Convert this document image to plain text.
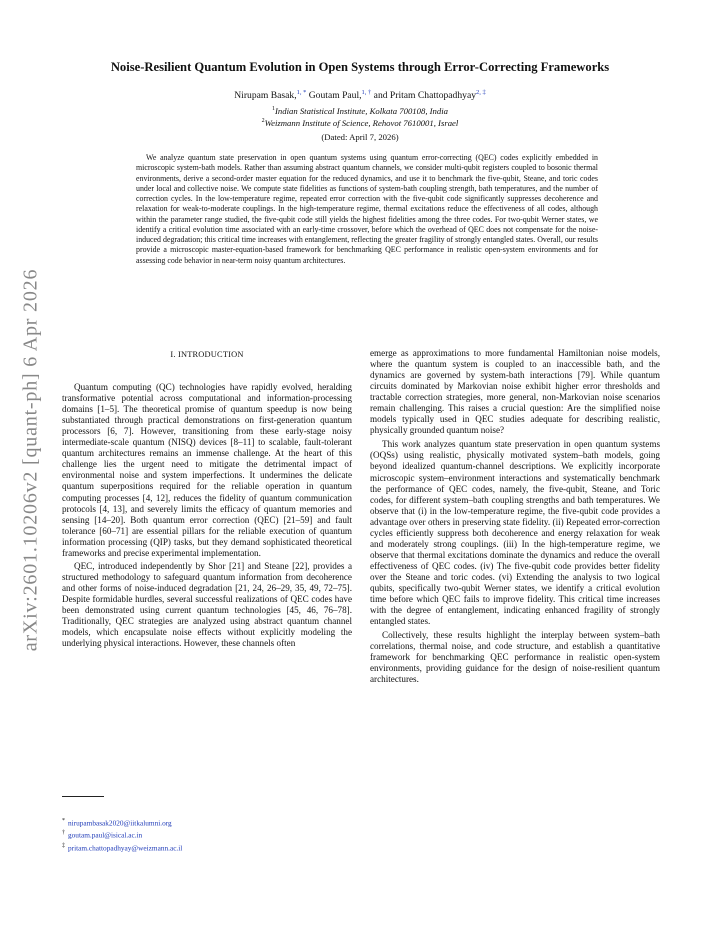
arXiv:2601.10206v2 [quant-ph] 6 Apr 2026
Noise-Resilient Quantum Evolution in Open Systems through Error-Correcting Frameworks
Nirupam Basak,$^{1, *}$ Goutam Paul,$^{1, \dagger}$ and Pritam Chattopadhyay$^{2, \ddagger}$
$^1$Indian Statistical Institute, Kolkata 700108, India
$^2$Weizmann Institute of Science, Rehovot 7610001, Israel
(Dated: April 7, 2026)

We analyze quantum state preservation in open quantum systems using quantum error-correcting (QEC) codes explicitly embedded in microscopic system-bath models. Rather than assuming abstract quantum channels, we consider multi-qubit registers coupled to bosonic thermal environments, derive a second-order master equation for the reduced dynamics, and use it to benchmark the five-qubit, Steane, and toric codes under local and collective noise. We compute state fidelities as functions of system-bath coupling strength, bath temperatures, and the number of correction cycles. In the low-temperature regime, repeated error correction with the five-qubit code significantly suppresses decoherence and relaxation for weak-to-moderate couplings. In the high-temperature regime, thermal excitations reduce the effectiveness of all codes, although within the parameter range studied, the five-qubit code still yields the highest fidelities among the three codes. For two-qubit Werner states, we identify a critical evolution time associated with an early-time crossover, before which the overhead of QEC does not compensate for the noise-induced degradation; this critical time increases with entanglement, reflecting the greater fragility of strongly entangled states. Overall, our results provide a microscopic master-equation-based framework for benchmarking QEC performance in realistic open-system environments and for assessing code behavior in near-term noisy quantum architectures.

I. INTRODUCTION

Quantum computing (QC) technologies have rapidly evolved, heralding transformative potential across computational and information-processing domains [1–5]. The theoretical promise of quantum speedup is now being substantiated through practical demonstrations on first-generation quantum processors [6, 7]. However, transitioning from these early-stage noisy intermediate-scale quantum (NISQ) devices [8–11] to scalable, fault-tolerant quantum architectures remains an immense challenge. At the heart of this challenge lies the urgent need to mitigate the detrimental impact of environmental noise and system imperfections. It undermines the delicate quantum superpositions required for the reliable operation in quantum computing processes [4, 12], reduces the fidelity of quantum communication protocols [4, 13], and severely limits the efficacy of quantum memories and sensing [14–20]. Both quantum error correction (QEC) [21–59] and fault tolerance [60–71] are essential pillars for the reliable execution of quantum information processing (QIP) tasks, but they demand sophisticated theoretical frameworks and precise experimental implementation.

QEC, introduced independently by Shor [21] and Steane [22], provides a structured methodology to safeguard quantum information from decoherence and other forms of noise-induced degradation [21, 24, 26–29, 35, 49, 72–75]. Despite formidable hurdles, several successful realizations of QEC codes have been demonstrated using current quantum technologies [45, 46, 76–78]. Traditionally, QEC strategies are analyzed using abstract quantum channel models, which encapsulate noise effects without explicitly modeling the underlying physical interactions. However, these channels often

emerge as approximations to more fundamental Hamiltonian noise models, where the quantum system is coupled to an inaccessible bath, and the dynamics are governed by system-bath interactions [79]. While quantum circuits dominated by Markovian noise exhibit higher error thresholds and tractable correction strategies, more general, non-Markovian noise scenarios remain challenging. This raises a crucial question: Are the simplified noise models typically used in QEC studies adequate for describing realistic, physically grounded quantum noise?

This work analyzes quantum state preservation in open quantum systems (OQSs) using realistic, physically motivated system–bath models, going beyond idealized quantum-channel descriptions. We explicitly incorporate microscopic system–environment interactions and systematically benchmark the performance of QEC codes, namely, the five-qubit, Steane, and Toric codes, for different system–bath coupling strengths and bath temperatures. We observe that (i) in the low-temperature regime, the five-qubit code provides a advantage over others in preserving state fidelity. (ii) Repeated error-correction cycles efficiently suppress both decoherence and energy relaxation for weak and moderately strong couplings. (iii) In the high-temperature regime, we observe that thermal excitations dominate the dynamics and reduce the overall effectiveness of QEC codes. (iv) The five-qubit code provides better fidelity over the Steane and toric codes. (vi) Extending the analysis to two logical qubits, specifically two-qubit Werner states, we identify a critical evolution time before which QEC fails to improve fidelity. This critical time increases with the degree of entanglement, indicating enhanced fragility of strongly entangled states.

Collectively, these results highlight the interplay between system–bath correlations, thermal noise, and code structure, and establish a quantitative framework for benchmarking QEC performance in realistic open-system environments, providing guidance for the design of noise-resilient quantum architectures.

* nirupambasak2020@iitkalumni.org
† goutam.paul@isical.ac.in
‡ pritam.chattopadhyay@weizmann.ac.il
